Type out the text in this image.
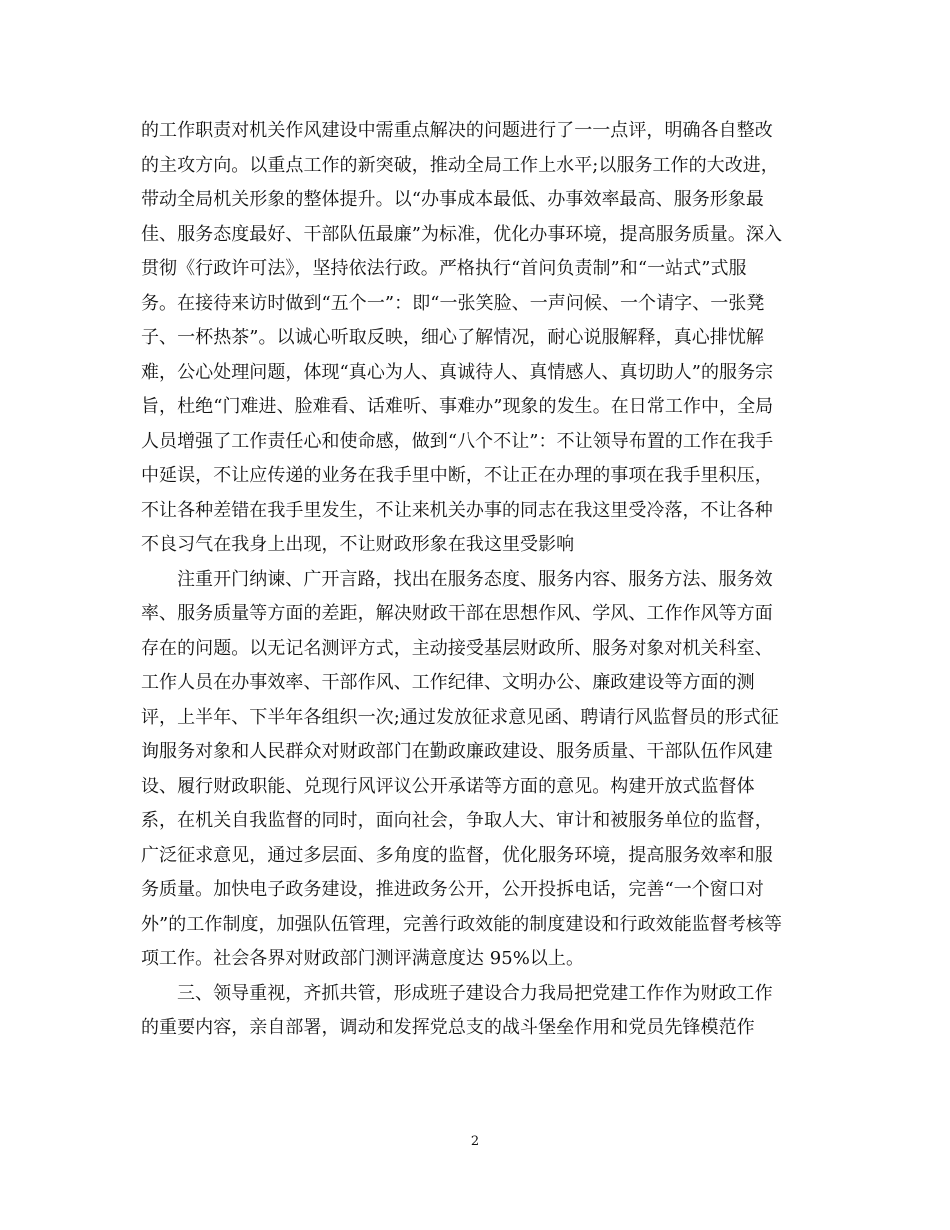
的工作职责对机关作风建设中需重点解决的问题进行了一一点评，明确各自整改
的主攻方向。以重点工作的新突破，推动全局工作上水平;以服务工作的大改进，
带动全局机关形象的整体提升。以“办事成本最低、办事效率最高、服务形象最
佳、服务态度最好、干部队伍最廉”为标准，优化办事环境，提高服务质量。深入
贯彻《行政许可法》，坚持依法行政。严格执行“首问负责制”和“一站式”式服
务。在接待来访时做到“五个一”：即“一张笑脸、一声问候、一个请字、一张凳
子、一杯热茶”。以诚心听取反映，细心了解情况，耐心说服解释，真心排忧解
难，公心处理问题，体现“真心为人、真诚待人、真情感人、真切助人”的服务宗
旨，杜绝“门难进、脸难看、话难听、事难办”现象的发生。在日常工作中，全局
人员增强了工作责任心和使命感，做到“八个不让”：不让领导布置的工作在我手
中延误，不让应传递的业务在我手里中断，不让正在办理的事项在我手里积压，
不让各种差错在我手里发生，不让来机关办事的同志在我这里受冷落，不让各种
不良习气在我身上出现，不让财政形象在我这里受影响
注重开门纳谏、广开言路，找出在服务态度、服务内容、服务方法、服务效
率、服务质量等方面的差距，解决财政干部在思想作风、学风、工作作风等方面
存在的问题。以无记名测评方式，主动接受基层财政所、服务对象对机关科室、
工作人员在办事效率、干部作风、工作纪律、文明办公、廉政建设等方面的测
评，上半年、下半年各组织一次;通过发放征求意见函、聘请行风监督员的形式征
询服务对象和人民群众对财政部门在勤政廉政建设、服务质量、干部队伍作风建
设、履行财政职能、兑现行风评议公开承诺等方面的意见。构建开放式监督体
系，在机关自我监督的同时，面向社会，争取人大、审计和被服务单位的监督，
广泛征求意见，通过多层面、多角度的监督，优化服务环境，提高服务效率和服
务质量。加快电子政务建设，推进政务公开，公开投拆电话，完善“一个窗口对
外”的工作制度，加强队伍管理，完善行政效能的制度建设和行政效能监督考核等
项工作。社会各界对财政部门测评满意度达 95%以上。
三、领导重视，齐抓共管，形成班子建设合力我局把党建工作作为财政工作
的重要内容，亲自部署，调动和发挥党总支的战斗堡垒作用和党员先锋模范作
2
